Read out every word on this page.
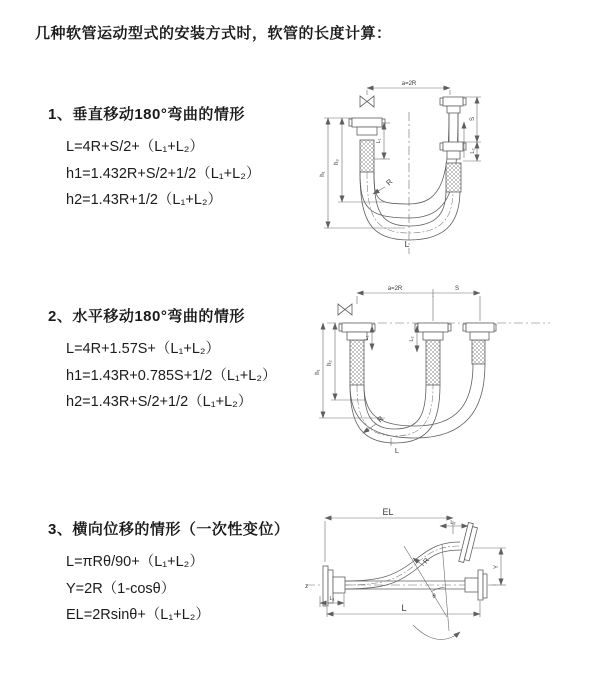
几种软管运动型式的安装方式时，软管的长度计算：
1、垂直移动180°弯曲的情形
L=4R+S/2+（L₁+L₂）
h1=1.432R+S/2+1/2（L₁+L₂）
h2=1.43R+1/2（L₁+L₂）
2、水平移动180°弯曲的情形
L=4R+1.57S+（L₁+L₂）
h1=1.43R+0.785S+1/2（L₁+L₂）
h2=1.43R+S/2+1/2（L₁+L₂）
3、横向位移的情形（一次性变位）
L=πRθ/90+（L₁+L₂）
Y=2R（1-cosθ）
EL=2Rsinθ+（L₁+L₂）
a=2R
S
L₂
L₁
h₂
h₁
R
L
a=2R	S
L₁	L₂
h₂
h₁
R
L
z
θ
EL
L₂
Y
L₁
L
R
